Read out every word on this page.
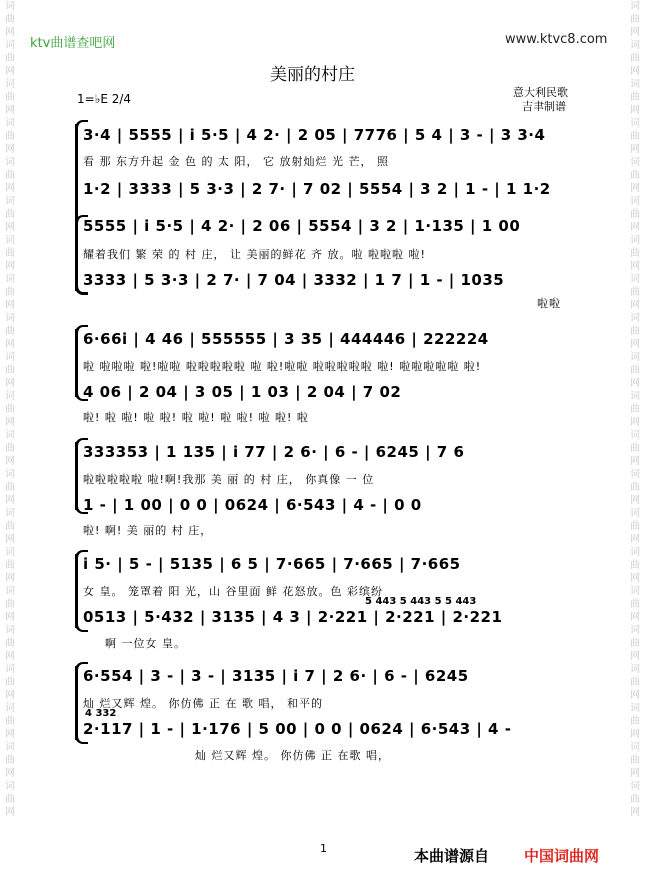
词
曲
网
词
曲
网
词
曲
网
词
曲
网
词
曲
网
词
曲
网
词
曲
网
词
曲
网
词
曲
网
词
曲
网
词
曲
网
词
曲
网
词
曲
网
词
曲
网
词
曲
网
词
曲
网
词
曲
网
词
曲
网
词
曲
网
词
曲
网
词
曲
网
词
曲
网
词
曲
网
词
曲
网
词
曲
网
词
曲
网
词
曲
网
词
曲
网
词
曲
网
词
曲
网
词
曲
网
词
曲
网
词
曲
网
词
曲
网
词
曲
网
词
曲
网
词
曲
网
词
曲
网
词
曲
网
词
曲
网
词
曲
网
词
曲
网
ktv曲谱查吧网	www.ktvc8.com
美丽的村庄
意大利民歌
吉聿制谱
1=♭E 2/4
3·4 | 5555 | i 5·5 | 4 2· | 2 05 | 7776 | 5 4 | 3 - | 3 3·4
看 那 东方升起 金 色 的 太 阳， 它 放射灿烂 光 芒， 照
1·2 | 3333 | 5 3·3 | 2 7· | 7 02 | 5554 | 3 2 | 1 - | 1 1·2
5555 | i 5·5 | 4 2· | 2 06 | 5554 | 3 2 | 1·135 | 1 00
耀着我们 繁 荣 的 村 庄， 让 美丽的鲜花 齐 放。啦 啦啦啦 啦!
3333 | 5 3·3 | 2 7· | 7 04 | 3332 | 1 7 | 1 - | 1035
啦啦
6·66i | 4 46 | 555555 | 3 35 | 444446 | 222224
啦 啦啦啦 啦!啦啦 啦啦啦啦啦 啦 啦!啦啦 啦啦啦啦啦 啦! 啦啦啦啦啦 啦!
4 06 | 2 04 | 3 05 | 1 03 | 2 04 | 7 02
啦! 啦 啦! 啦 啦! 啦 啦! 啦 啦! 啦 啦! 啦
333353 | 1 135 | i 77 | 2 6· | 6 - | 6245 | 7 6
啦啦啦啦啦 啦!啊!我那 美 丽 的 村 庄， 你真像 一 位
1 - | 1 00 | 0 0 | 0624 | 6·543 | 4 - | 0 0
啦! 啊! 美 丽的 村 庄，
i 5· | 5 - | 5135 | 6 5 | 7·665 | 7·665 | 7·665
女 皇。 笼罩着 阳 光，山 谷里面 鲜 花怒放。色 彩缤纷
5 443 5 443 5 5 443
0513 | 5·432 | 3135 | 4 3 | 2·221 | 2·221 | 2·221
啊 一位女 皇。
6·554 | 3 - | 3 - | 3135 | i 7 | 2 6· | 6 - | 6245
灿 烂又辉 煌。 你仿佛 正 在 歌 唱， 和平的
4 332
2·117 | 1 - | 1·176 | 5 00 | 0 0 | 0624 | 6·543 | 4 -
灿 烂又辉 煌。 你仿佛 正 在歌 唱，
1	本曲谱源自 中国词曲网
